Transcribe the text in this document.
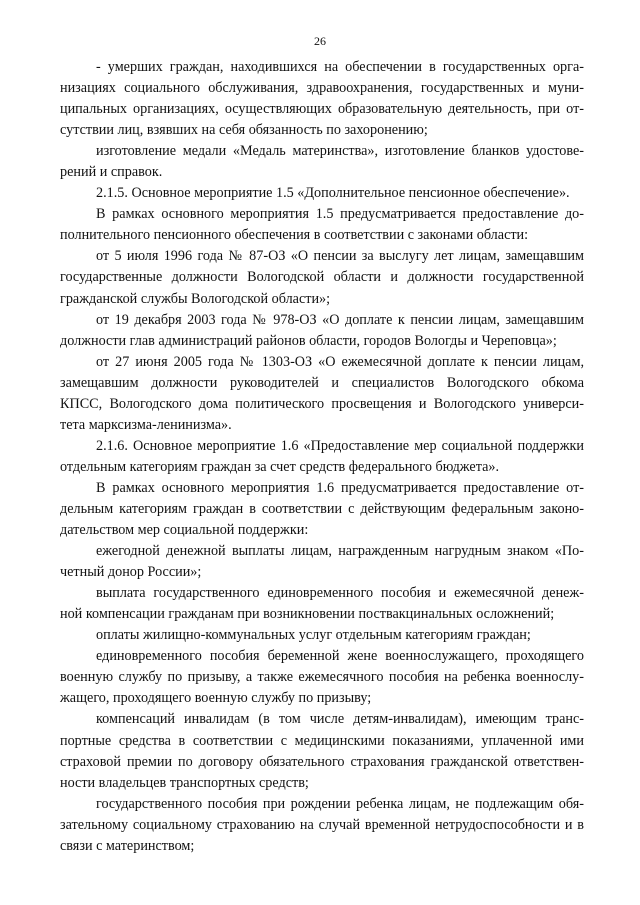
26
- умерших граждан, находившихся на обеспечении в государственных орга-
низациях социального обслуживания, здравоохранения, государственных и муни-
ципальных организациях, осуществляющих образовательную деятельность, при от-
сутствии лиц, взявших на себя обязанность по захоронению;
изготовление медали «Медаль материнства», изготовление бланков удостове-
рений и справок.
2.1.5. Основное мероприятие 1.5 «Дополнительное пенсионное обеспечение».
В рамках основного мероприятия 1.5 предусматривается предоставление до-
полнительного пенсионного обеспечения в соответствии с законами области:
от 5 июля 1996 года № 87-ОЗ «О пенсии за выслугу лет лицам, замещавшим
государственные должности Вологодской области и должности государственной
гражданской службы Вологодской области»;
от 19 декабря 2003 года № 978-ОЗ «О доплате к пенсии лицам, замещавшим
должности глав администраций районов области, городов Вологды и Череповца»;
от 27 июня 2005 года № 1303-ОЗ «О ежемесячной доплате к пенсии лицам,
замещавшим должности руководителей и специалистов Вологодского обкома
КПСС, Вологодского дома политического просвещения и Вологодского универси-
тета марксизма-ленинизма».
2.1.6. Основное мероприятие 1.6 «Предоставление мер социальной поддержки
отдельным категориям граждан за счет средств федерального бюджета».
В рамках основного мероприятия 1.6 предусматривается предоставление от-
дельным категориям граждан в соответствии с действующим федеральным законо-
дательством мер социальной поддержки:
ежегодной денежной выплаты лицам, награжденным нагрудным знаком «По-
четный донор России»;
выплата государственного единовременного пособия и ежемесячной денеж-
ной компенсации гражданам при возникновении поствакцинальных осложнений;
оплаты жилищно-коммунальных услуг отдельным категориям граждан;
единовременного пособия беременной жене военнослужащего, проходящего
военную службу по призыву, а также ежемесячного пособия на ребенка военнослу-
жащего, проходящего военную службу по призыву;
компенсаций инвалидам (в том числе детям-инвалидам), имеющим транс-
портные средства в соответствии с медицинскими показаниями, уплаченной ими
страховой премии по договору обязательного страхования гражданской ответствен-
ности владельцев транспортных средств;
государственного пособия при рождении ребенка лицам, не подлежащим обя-
зательному социальному страхованию на случай временной нетрудоспособности и в
связи с материнством;
